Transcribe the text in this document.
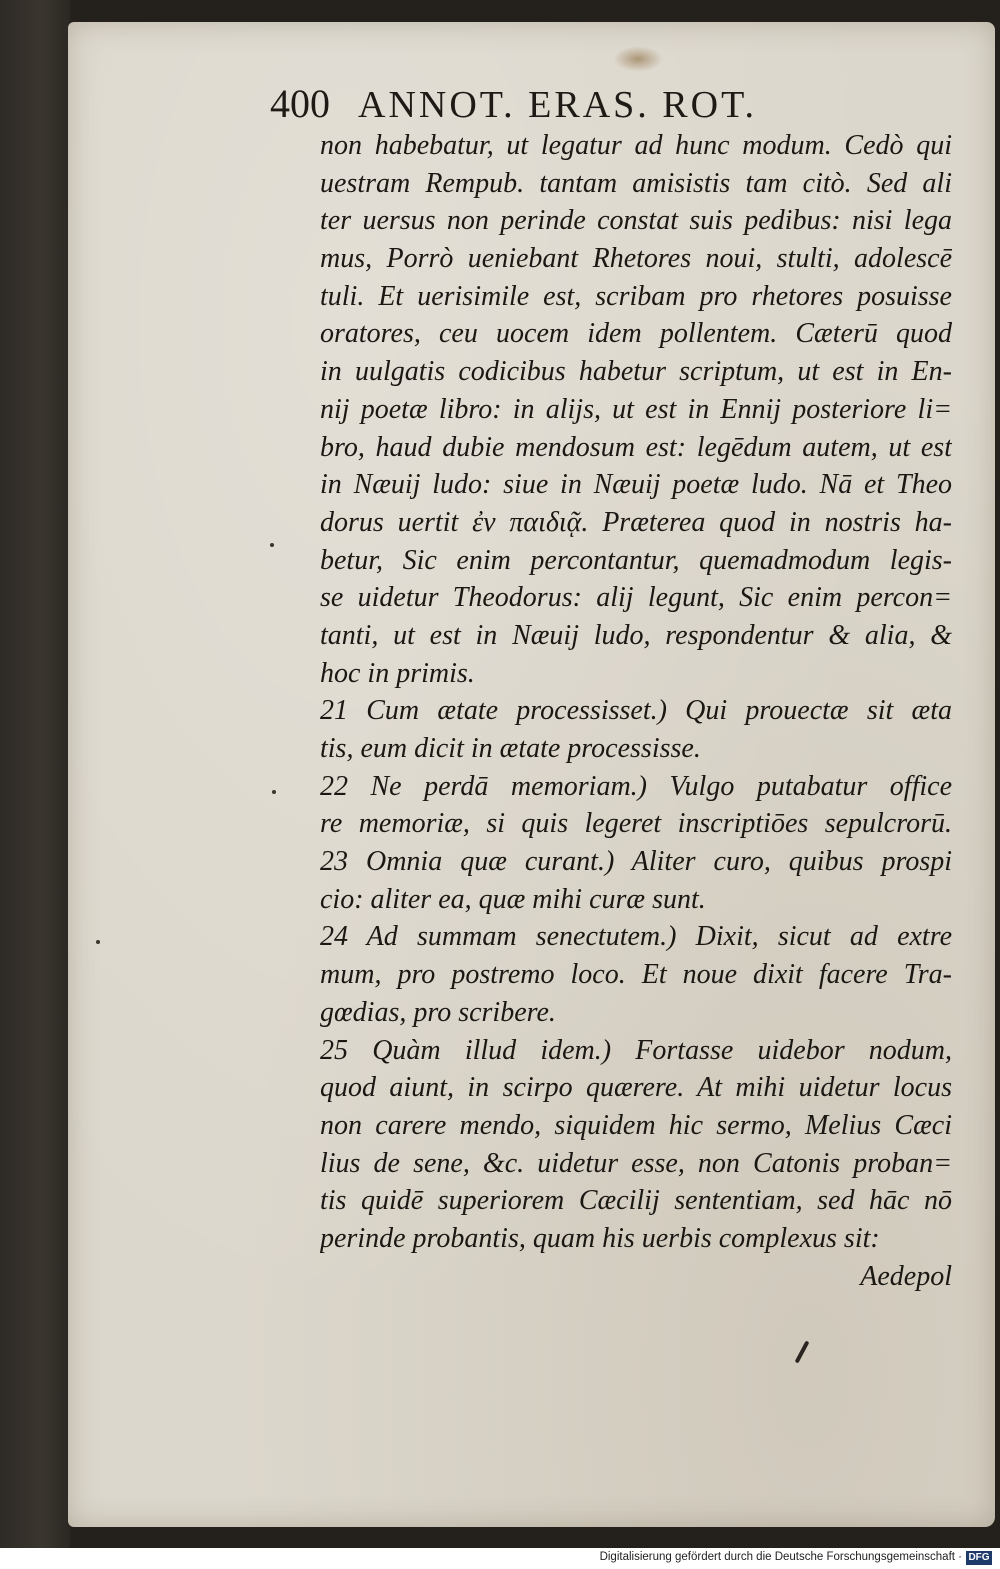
400 ANNOT. ERAS. ROT.
non habebatur, ut legatur ad hunc modum. Cedò qui
uestram Rempub. tantam amisistis tam citò. Sed ali
ter uersus non perinde constat suis pedibus: nisi lega
mus, Porrò ueniebant Rhetores noui, stulti, adolescē
tuli. Et uerisimile est, scribam pro rhetores posuisse
oratores, ceu uocem idem pollentem. Cæterū quod
in uulgatis codicibus habetur scriptum, ut est in En-
nij poetæ libro: in alijs, ut est in Ennij posteriore li=
bro, haud dubie mendosum est: legēdum autem, ut est
in Næuij ludo: siue in Næuij poetæ ludo. Nā et Theo
dorus uertit ἐν παιδιᾷ. Præterea quod in nostris ha-
betur, Sic enim percontantur, quemadmodum legis-
se uidetur Theodorus: alij legunt, Sic enim percon=
tanti, ut est in Næuij ludo, respondentur & alia, &
hoc in primis.
21 Cum ætate processisset.) Qui prouectæ sit æta
tis, eum dicit in ætate processisse.
22 Ne perdā memoriam.) Vulgo putabatur office
re memoriæ, si quis legeret inscriptiōes sepulcrorū.
23 Omnia quæ curant.) Aliter curo, quibus prospi
cio: aliter ea, quæ mihi curæ sunt.
24 Ad summam senectutem.) Dixit, sicut ad extre
mum, pro postremo loco. Et noue dixit facere Tra-
gœdias, pro scribere.
25 Quàm illud idem.) Fortasse uidebor nodum,
quod aiunt, in scirpo quærere. At mihi uidetur locus
non carere mendo, siquidem hic sermo, Melius Cæci
lius de sene, &c. uidetur esse, non Catonis proban=
tis quidē superiorem Cæcilij sententiam, sed hāc nō
perinde probantis, quam his uerbis complexus sit:
Aedepol
Digitalisierung gefördert durch die Deutsche Forschungsgemeinschaft · DFG
